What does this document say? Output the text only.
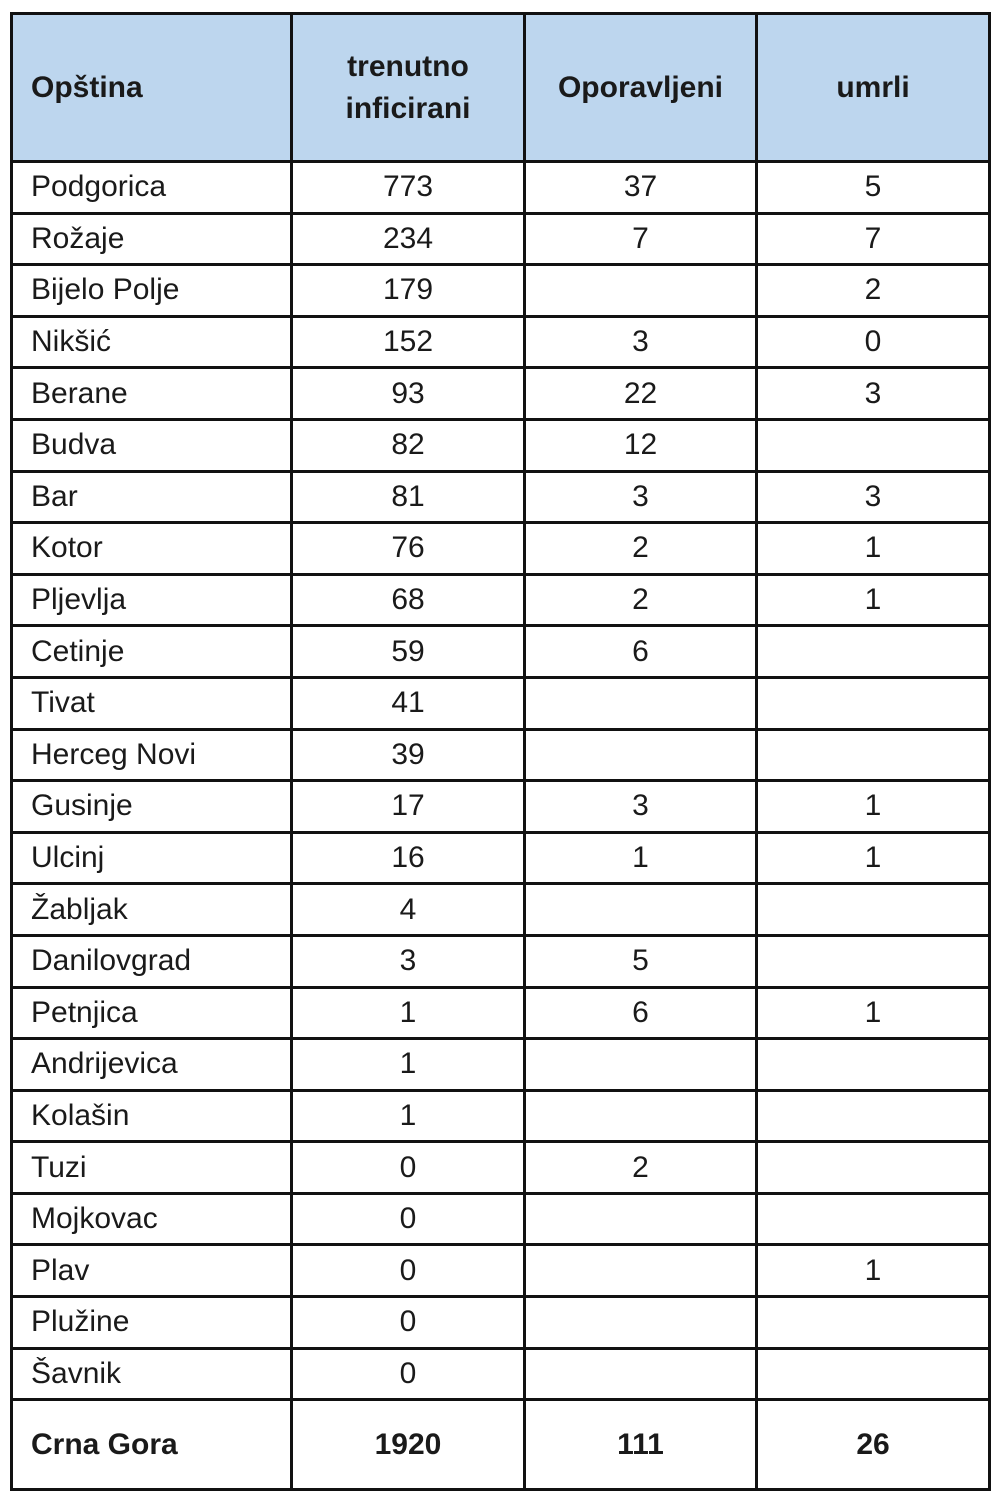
Opština	trenutno
inficirani	Oporavljeni	umrli
Podgorica	773	37	5
Rožaje	234	7	7
Bijelo Polje	179		2
Nikšić	152	3	0
Berane	93	22	3
Budva	82	12	
Bar	81	3	3
Kotor	76	2	1
Pljevlja	68	2	1
Cetinje	59	6	
Tivat	41		
Herceg Novi	39		
Gusinje	17	3	1
Ulcinj	16	1	1
Žabljak	4		
Danilovgrad	3	5	
Petnjica	1	6	1
Andrijevica	1		
Kolašin	1		
Tuzi	0	2	
Mojkovac	0		
Plav	0		1
Plužine	0		
Šavnik	0		
Crna Gora	1920	111	26
